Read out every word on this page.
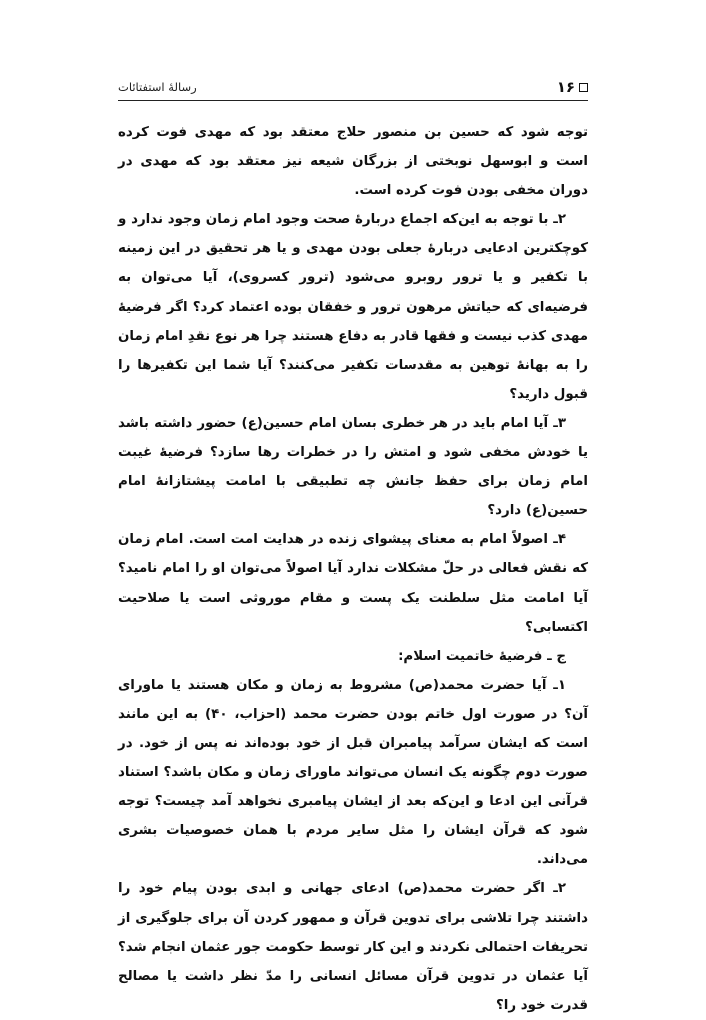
۱۶
رسالهٔ استفتائات

توجه شود که حسین بن منصور حلاج معتقد بود که مهدی فوت کرده است و ابوسهل نوبختی از بزرگان شیعه نیز معتقد بود که مهدی در دوران مخفی بودن فوت کرده است.

۲ـ با توجه به این‌که اجماع دربارهٔ صحت وجود امام زمان وجود ندارد و کوچکترین ادعایی دربارهٔ جعلی بودن مهدی و یا هر تحقیق در این زمینه با تکفیر و یا ترور روبرو می‌شود (ترور کسروی)، آیا می‌توان به فرضیه‌ای که حیاتش مرهون ترور و خفقان بوده اعتماد کرد؟ اگر فرضیهٔ مهدی کذب نیست و فقها قادر به دفاع هستند چرا هر نوع نقدِ امام زمان را به بهانهٔ توهین به مقدسات تکفیر می‌کنند؟ آیا شما این تکفیرها را قبول دارید؟

۳ـ آیا امام باید در هر خطری بسان امام حسین(ع) حضور داشته باشد یا خودش مخفی شود و امتش را در خطرات رها سازد؟ فرضیهٔ غیبت امام زمان برای حفظ جانش چه تطبیقی با امامت پیشتازانهٔ امام حسین(ع) دارد؟

۴ـ اصولاً امام به معنای پیشوای زنده در هدایت امت است. امام زمان که نقش فعالی در حلّ مشکلات ندارد آیا اصولاً می‌توان او را امام نامید؟ آیا امامت مثل سلطنت یک پست و مقام موروثی است یا صلاحیت اکتسابی؟

ج ـ فرضیهٔ خاتمیت اسلام:

۱ـ آیا حضرت محمد(ص) مشروط به زمان و مکان هستند یا ماورای آن؟ در صورت اول خاتم بودن حضرت محمد (احزاب، ۴۰) به این مانند است که ایشان سرآمد پیامبران قبل از خود بوده‌اند نه پس از خود. در صورت دوم چگونه یک انسان می‌تواند ماورای زمان و مکان باشد؟ استناد قرآنی این ادعا و این‌که بعد از ایشان پیامبری نخواهد آمد چیست؟ توجه شود که قرآن ایشان را مثل سایر مردم با همان خصوصیات بشری می‌داند.

۲ـ اگر حضرت محمد(ص) ادعای جهانی و ابدی بودن پیام خود را داشتند چرا تلاشی برای تدوین قرآن و ممهور کردن آن برای جلوگیری از تحریفات احتمالی نکردند و این کار توسط حکومت جور عثمان انجام شد؟ آیا عثمان در تدوین قرآن مسائل انسانی را مدّ نظر داشت یا مصالح قدرت خود را؟
